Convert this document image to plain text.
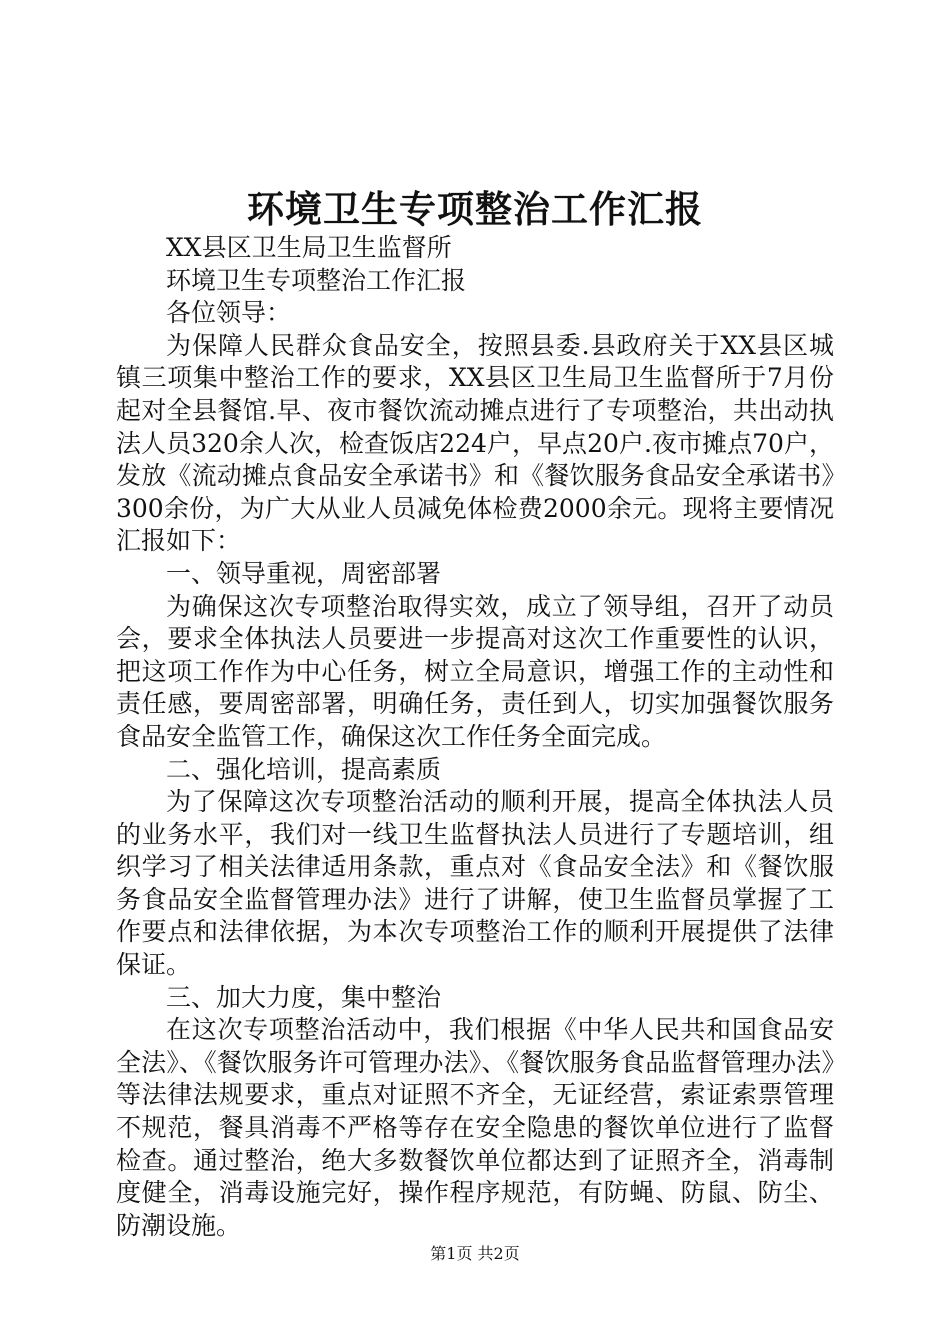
环境卫生专项整治工作汇报

XX县区卫生局卫生监督所

环境卫生专项整治工作汇报

各位领导：

为保障人民群众食品安全，按照县委.县政府关于XX县区城镇三项集中整治工作的要求，XX县区卫生局卫生监督所于7月份起对全县餐馆.早、夜市餐饮流动摊点进行了专项整治，共出动执法人员320余人次，检查饭店224户，早点20户.夜市摊点70户，发放《流动摊点食品安全承诺书》和《餐饮服务食品安全承诺书》300余份，为广大从业人员减免体检费2000余元。现将主要情况汇报如下：

一、领导重视，周密部署

为确保这次专项整治取得实效，成立了领导组，召开了动员会，要求全体执法人员要进一步提高对这次工作重要性的认识，把这项工作作为中心任务，树立全局意识，增强工作的主动性和责任感，要周密部署，明确任务，责任到人，切实加强餐饮服务食品安全监管工作，确保这次工作任务全面完成。

二、强化培训，提高素质

为了保障这次专项整治活动的顺利开展，提高全体执法人员的业务水平，我们对一线卫生监督执法人员进行了专题培训，组织学习了相关法律适用条款，重点对《食品安全法》和《餐饮服务食品安全监督管理办法》进行了讲解，使卫生监督员掌握了工作要点和法律依据，为本次专项整治工作的顺利开展提供了法律保证。

三、加大力度，集中整治

在这次专项整治活动中，我们根据《中华人民共和国食品安全法》、《餐饮服务许可管理办法》、《餐饮服务食品监督管理办法》等法律法规要求，重点对证照不齐全，无证经营，索证索票管理不规范，餐具消毒不严格等存在安全隐患的餐饮单位进行了监督检查。通过整治，绝大多数餐饮单位都达到了证照齐全，消毒制度健全，消毒设施完好，操作程序规范，有防蝇、防鼠、防尘、防潮设施。

第1页 共2页
